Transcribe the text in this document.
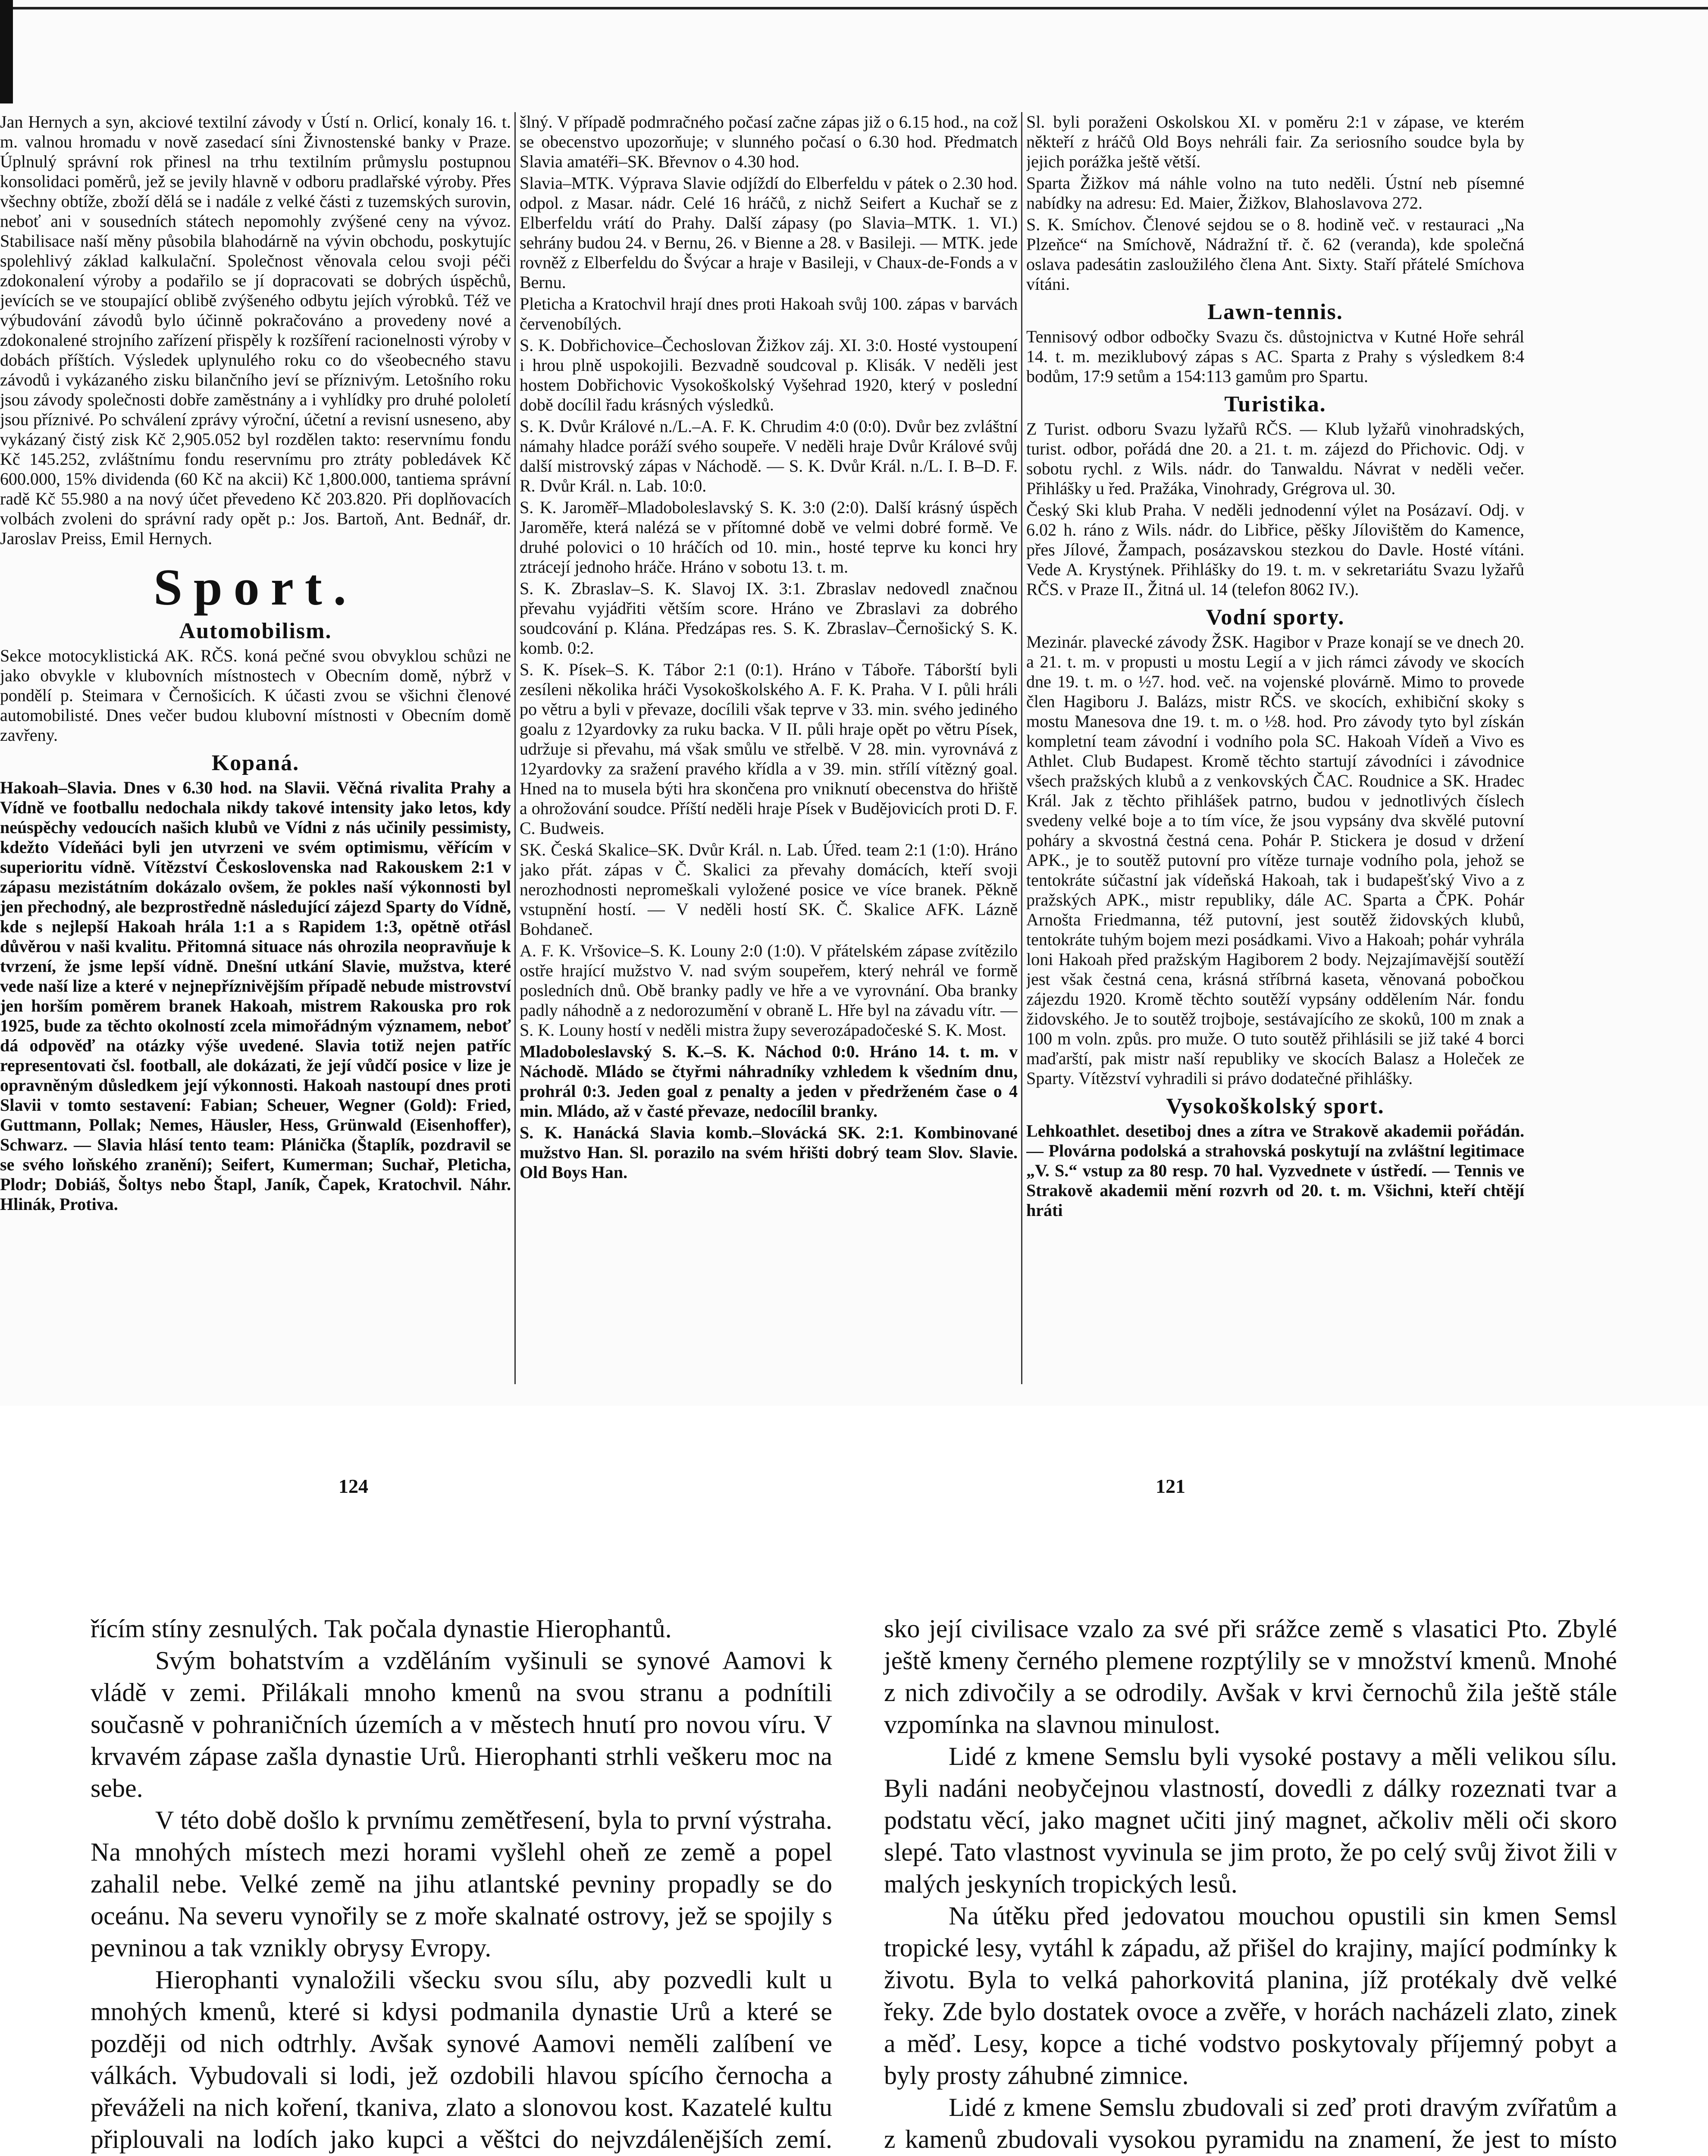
Jan Hernych a syn, akciové textilní závody v Ústí n. Orlicí, konaly 16. t. m. valnou hromadu v nově zasedací síni Živnostenské banky v Praze. Úplnulý správní rok přinesl na trhu textilním průmyslu postupnou konsolidaci poměrů, jež se jevily hlavně v odboru pradlařské výroby. Přes všechny obtíže, zboží dělá se i nadále z velké části z tuzemských surovin, neboť ani v sousedních státech nepomohly zvýšené ceny na vývoz. Stabilisace naší měny působila blahodárně na vývin obchodu, poskytujíc spolehlivý základ kalkulační. Společnost věnovala celou svoji péči zdokonalení výroby a podařilo se jí dopracovati se dobrých úspěchů, jevících se ve stoupající oblibě zvýšeného odbytu jejích výrobků. Též ve výbudování závodů bylo účinně pokračováno a provedeny nové a zdokonalené strojního zařízení přispěly k rozšíření racionelnosti výroby v dobách příštích. Výsledek uplynulého roku co do všeobecného stavu závodů i vykázaného zisku bilančního jeví se příznivým. Letošního roku jsou závody společnosti dobře zaměstnány a i vyhlídky pro druhé pololetí jsou příznivé. Po schválení zprávy výroční, účetní a revisní usneseno, aby vykázaný čistý zisk Kč 2,905.052 byl rozdělen takto: reservnímu fondu Kč 145.252, zvláštnímu fondu reservnímu pro ztráty pobledávek Kč 600.000, 15% dividenda (60 Kč na akcii) Kč 1,800.000, tantiema správní radě Kč 55.980 a na nový účet převedeno Kč 203.820. Při doplňovacích volbách zvoleni do správní rady opět p.: Jos. Bartoň, Ant. Bednář, dr. Jaroslav Preiss, Emil Hernych.

Sport.
Automobilism.

Sekce motocyklistická AK. RČS. koná pečné svou obvyklou schůzi ne jako obvykle v klubovních místnostech v Obecním domě, nýbrž v pondělí p. Steimara v Černošicích. K účasti zvou se všichni členové automobilisté. Dnes večer budou klubovní místnosti v Obecním domě zavřeny.

Kopaná.

Hakoah–Slavia. Dnes v 6.30 hod. na Slavii. Věčná rivalita Prahy a Vídně ve footballu nedochala nikdy takové intensity jako letos, kdy neúspěchy vedoucích našich klubů ve Vídni z nás učinily pessimisty, kdežto Vídeňáci byli jen utvrzeni ve svém optimismu, věřícím v superioritu vídně. Vítězství Československa nad Rakouskem 2:1 v zápasu mezistátním dokázalo ovšem, že pokles naší výkonnosti byl jen přechodný, ale bezprostředně následující zájezd Sparty do Vídně, kde s nejlepší Hakoah hrála 1:1 a s Rapidem 1:3, opětně otřásl důvěrou v naši kvalitu. Přitomná situace nás ohrozila neopravňuje k tvrzení, že jsme lepší vídně. Dnešní utkání Slavie, mužstva, které vede naší lize a které v nejnepříznivějším případě nebude mistrovství jen horším poměrem branek Hakoah, mistrem Rakouska pro rok 1925, bude za těchto okolností zcela mimořádným významem, neboť dá odpověď na otázky výše uvedené. Slavia totiž nejen patříc representovati čsl. football, ale dokázati, že její vůdčí posice v lize je opravněným důsledkem její výkonnosti. Hakoah nastoupí dnes proti Slavii v tomto sestavení: Fabian; Scheuer, Wegner (Gold): Fried, Guttmann, Pollak; Nemes, Häusler, Hess, Grünwald (Eisenhoffer), Schwarz. — Slavia hlásí tento team: Plánička (Štaplík, pozdravil se se svého loňského zranění); Seifert, Kumerman; Suchař, Pleticha, Plodr; Dobiáš, Šoltys nebo Štapl, Janík, Čapek, Kratochvil. Náhr. Hlinák, Protiva.

šlný. V případě podmračného počasí začne zápas již o 6.15 hod., na což se obecenstvo upozorňuje; v slunného počasí o 6.30 hod. Předmatch Slavia amatéři–SK. Břevnov o 4.30 hod.

Slavia–MTK. Výprava Slavie odjíždí do Elberfeldu v pátek o 2.30 hod. odpol. z Masar. nádr. Celé 16 hráčů, z nichž Seifert a Kuchař se z Elberfeldu vrátí do Prahy. Další zápasy (po Slavia–MTK. 1. VI.) sehrány budou 24. v Bernu, 26. v Bienne a 28. v Basileji. — MTK. jede rovněž z Elberfeldu do Švýcar a hraje v Basileji, v Chaux-de-Fonds a v Bernu.

Pleticha a Kratochvil hrají dnes proti Hakoah svůj 100. zápas v barvách červenobílých.

S. K. Dobřichovice–Čechoslovan Žižkov záj. XI. 3:0. Hosté vystoupení i hrou plně uspokojili. Bezvadně soudcoval p. Klisák. V neděli jest hostem Dobřichovic Vysokoškolský Vyšehrad 1920, který v poslední době docílil řadu krásných výsledků.

S. K. Dvůr Králové n./L.–A. F. K. Chrudim 4:0 (0:0). Dvůr bez zvláštní námahy hladce poráží svého soupeře. V neděli hraje Dvůr Králové svůj další mistrovský zápas v Náchodě. — S. K. Dvůr Král. n./L. I. B–D. F. R. Dvůr Král. n. Lab. 10:0.

S. K. Jaroměř–Mladoboleslavský S. K. 3:0 (2:0). Další krásný úspěch Jaroměře, která nalézá se v přítomné době ve velmi dobré formě. Ve druhé polovici o 10 hráčích od 10. min., hosté teprve ku konci hry ztrácejí jednoho hráče. Hráno v sobotu 13. t. m.

S. K. Zbraslav–S. K. Slavoj IX. 3:1. Zbraslav nedovedl značnou převahu vyjádřiti větším score. Hráno ve Zbraslavi za dobrého soudcování p. Klána. Předzápas res. S. K. Zbraslav–Černošický S. K. komb. 0:2.

S. K. Písek–S. K. Tábor 2:1 (0:1). Hráno v Táboře. Táborští byli zesíleni několika hráči Vysokoškolského A. F. K. Praha. V I. půli hráli po větru a byli v převaze, docílili však teprve v 33. min. svého jediného goalu z 12yardovky za ruku backa. V II. půli hraje opět po větru Písek, udržuje si převahu, má však smůlu ve střelbě. V 28. min. vyrovnává z 12yardovky za sražení pravého křídla a v 39. min. střílí vítězný goal. Hned na to musela býti hra skončena pro vniknutí obecenstva do hřiště a ohrožování soudce. Příští neděli hraje Písek v Budějovicích proti D. F. C. Budweis.

SK. Česká Skalice–SK. Dvůr Král. n. Lab. Úřed. team 2:1 (1:0). Hráno jako přát. zápas v Č. Skalici za převahy domácích, kteří svoji nerozhodnosti nepromeškali vyložené posice ve více branek. Pěkně vstupnění hostí. — V neděli hostí SK. Č. Skalice AFK. Lázně Bohdaneč.

A. F. K. Vršovice–S. K. Louny 2:0 (1:0). V přátelském zápase zvítězilo ostře hrající mužstvo V. nad svým soupeřem, který nehrál ve formě posledních dnů. Obě branky padly ve hře a ve vyrovnání. Oba branky padly náhodně a z nedorozumění v obraně L. Hře byl na závadu vítr. — S. K. Louny hostí v neděli mistra župy severozápadočeské S. K. Most.

Mladoboleslavský S. K.–S. K. Náchod 0:0. Hráno 14. t. m. v Náchodě. Mládo se čtyřmi náhradníky vzhledem k všedním dnu, prohrál 0:3. Jeden goal z penalty a jeden v předrženém čase o 4 min. Mládo, až v časté převaze, nedocílil branky.

S. K. Hanácká Slavia komb.–Slovácká SK. 2:1. Kombinované mužstvo Han. Sl. porazilo na svém hřišti dobrý team Slov. Slavie. Old Boys Han.

Sl. byli poraženi Oskolskou XI. v poměru 2:1 v zápase, ve kterém někteří z hráčů Old Boys nehráli fair. Za seriosního soudce byla by jejich porážka ještě větší.

Sparta Žižkov má náhle volno na tuto neděli. Ústní neb písemné nabídky na adresu: Ed. Maier, Žižkov, Blahoslavova 272.

S. K. Smíchov. Členové sejdou se o 8. hodině več. v restauraci „Na Plzeňce“ na Smíchově, Nádražní tř. č. 62 (veranda), kde společná oslava padesátin zasloužilého člena Ant. Sixty. Staří přátelé Smíchova vítáni.

Lawn-tennis.

Tennisový odbor odbočky Svazu čs. důstojnictva v Kutné Hoře sehrál 14. t. m. meziklubový zápas s AC. Sparta z Prahy s výsledkem 8:4 bodům, 17:9 setům a 154:113 gamům pro Spartu.

Turistika.

Z Turist. odboru Svazu lyžařů RČS. — Klub lyžařů vinohradských, turist. odbor, pořádá dne 20. a 21. t. m. zájezd do Přichovic. Odj. v sobotu rychl. z Wils. nádr. do Tanwaldu. Návrat v neděli večer. Přihlášky u řed. Pražáka, Vinohrady, Grégrova ul. 30.

Český Ski klub Praha. V neděli jednodenní výlet na Posázaví. Odj. v 6.02 h. ráno z Wils. nádr. do Libřice, pěšky Jílovištěm do Kamence, přes Jílové, Žampach, posázavskou stezkou do Davle. Hosté vítáni. Vede A. Krystýnek. Přihlášky do 19. t. m. v sekretariátu Svazu lyžařů RČS. v Praze II., Žitná ul. 14 (telefon 8062 IV.).

Vodní sporty.

Mezinár. plavecké závody ŽSK. Hagibor v Praze konají se ve dnech 20. a 21. t. m. v propusti u mostu Legií a v jich rámci závody ve skocích dne 19. t. m. o ½7. hod. več. na vojenské plovárně. Mimo to provede člen Hagiboru J. Balázs, mistr RČS. ve skocích, exhibiční skoky s mostu Manesova dne 19. t. m. o ½8. hod. Pro závody tyto byl získán kompletní team závodní i vodního pola SC. Hakoah Vídeň a Vivo es Athlet. Club Budapest. Kromě těchto startují závodníci i závodnice všech pražských klubů a z venkovských ČAC. Roudnice a SK. Hradec Král. Jak z těchto přihlášek patrno, budou v jednotlivých číslech svedeny velké boje a to tím více, že jsou vypsány dva skvělé putovní poháry a skvostná čestná cena. Pohár P. Stickera je dosud v držení APK., je to soutěž putovní pro vítěze turnaje vodního pola, jehož se tentokráte súčastní jak vídeňská Hakoah, tak i budapešťský Vivo a z pražských APK., mistr republiky, dále AC. Sparta a ČPK. Pohár Arnošta Friedmanna, též putovní, jest soutěž židovských klubů, tentokráte tuhým bojem mezi posádkami. Vivo a Hakoah; pohár vyhrála loni Hakoah před pražským Hagiborem 2 body. Nejzajímavější soutěží jest však čestná cena, krásná stříbrná kaseta, věnovaná pobočkou zájezdu 1920. Kromě těchto soutěží vypsány oddělením Nár. fondu židovského. Je to soutěž trojboje, sestávajícího ze skoků, 100 m znak a 100 m voln. způs. pro muže. O tuto soutěž přihlásili se již také 4 borci maďarští, pak mistr naší republiky ve skocích Balasz a Holeček ze Sparty. Vítězství vyhradili si právo dodatečné přihlášky.

Vysokoškolský sport.

Lehkoathlet. desetiboj dnes a zítra ve Strakově akademii pořádán. — Plovárna podolská a strahovská poskytují na zvláštní legitimace „V. S.“ vstup za 80 resp. 70 hal. Vyzvednete v ústředí. — Tennis ve Strakově akademii mění rozvrh od 20. t. m. Všichni, kteří chtějí hráti

124	121

řícím stíny zesnulých. Tak počala dynastie Hierophantů.

Svým bohatstvím a vzděláním vyšinuli se synové Aamovi k vládě v zemi. Přilákali mnoho kmenů na svou stranu a podnítili současně v pohraničních územích a v městech hnutí pro novou víru. V krvavém zápase zašla dynastie Urů. Hierophanti strhli veškeru moc na sebe.

V této době došlo k prvnímu zemětřesení, byla to první výstraha. Na mnohých místech mezi horami vyšlehl oheň ze země a popel zahalil nebe. Velké země na jihu atlantské pevniny propadly se do oceánu. Na severu vynořily se z moře skalnaté ostrovy, jež se spojily s pevninou a tak vznikly obrysy Evropy.

Hierophanti vynaložili všecku svou sílu, aby pozvedli kult u mnohých kmenů, které si kdysi podmanila dynastie Urů a které se později od nich odtrhly. Avšak synové Aamovi neměli zalíbení ve válkách. Vybudovali si lodi, jež ozdobili hlavou spícího černocha a převáželi na nich koření, tkaniva, zlato a slonovou kost. Kazatelé kultu připlouvali na lodích jako kupci a věštci do nejvzdálenějších zemí.

sko její civilisace vzalo za své při srážce země s vlasatici Pto. Zbylé ještě kmeny černého plemene rozptýlily se v množství kmenů. Mnohé z nich zdivočily a se odrodily. Avšak v krvi černochů žila ještě stále vzpomínka na slavnou minulost.

Lidé z kmene Semslu byli vysoké postavy a měli velikou sílu. Byli nadáni neobyčejnou vlastností, dovedli z dálky rozeznati tvar a podstatu věcí, jako magnet učiti jiný magnet, ačkoliv měli oči skoro slepé. Tato vlastnost vyvinula se jim proto, že po celý svůj život žili v malých jeskyních tropických lesů.

Na útěku před jedovatou mouchou opustili sin kmen Semsl tropické lesy, vytáhl k západu, až přišel do krajiny, mající podmínky k životu. Byla to velká pahorkovitá planina, jíž protékaly dvě velké řeky. Zde bylo dostatek ovoce a zvěře, v horách nacházeli zlato, zinek a měď. Lesy, kopce a tiché vodstvo poskytovaly příjemný pobyt a byly prosty záhubné zimnice.

Lidé z kmene Semslu zbudovali si zeď proti dravým zvířatům a z kamenů zbudovali vysokou pyramidu na znamení, že jest to místo
